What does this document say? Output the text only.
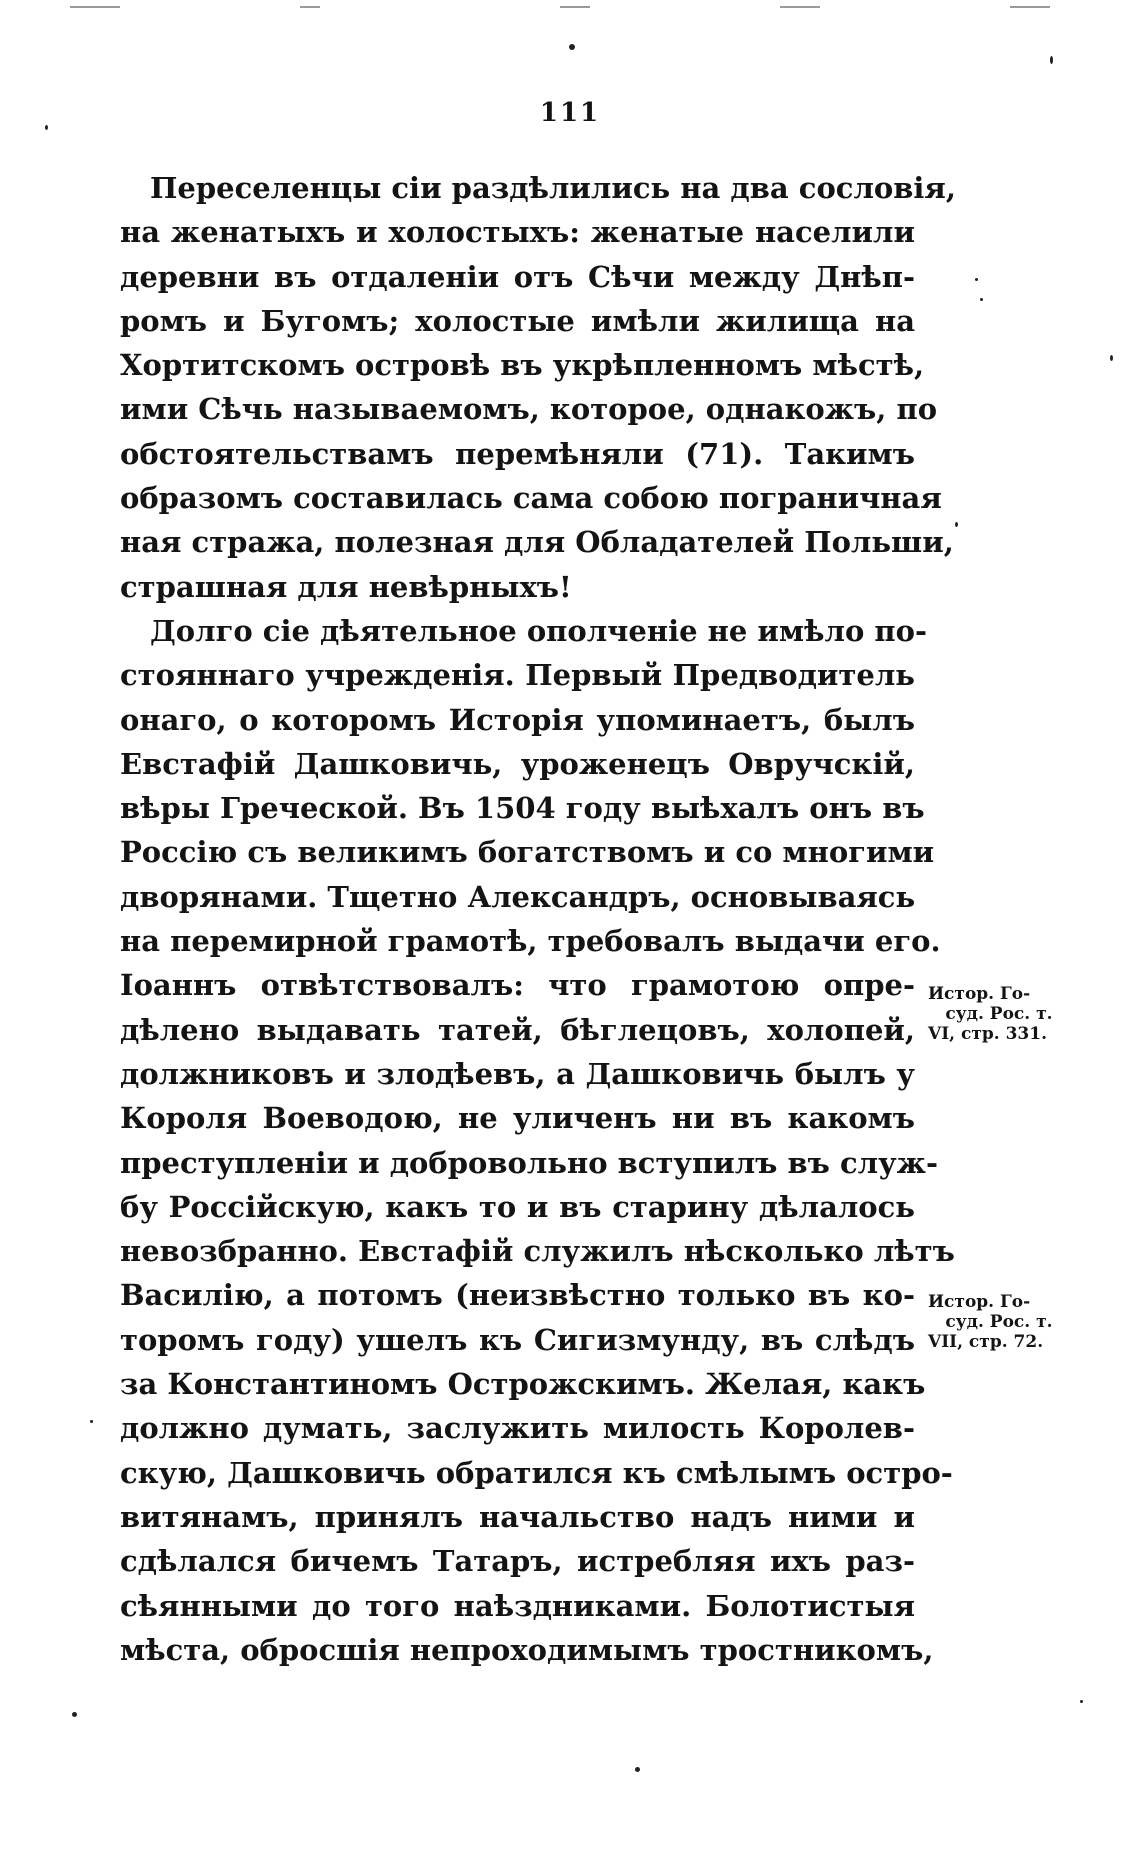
111
Переселенцы сіи раздѣлились на два сословія,
на женатыхъ и холостыхъ: женатые населили
деревни въ отдаленіи отъ Сѣчи между Днѣп-
ромъ и Бугомъ; холостые имѣли жилища на
Хортитскомъ островѣ въ укрѣпленномъ мѣстѣ,
ими Сѣчь называемомъ, которое, однакожъ, по
обстоятельствамъ перемѣняли (71). Такимъ
образомъ составилась сама собою пограничная
ная стража, полезная для Обладателей Польши,
страшная для невѣрныхъ!
Долго сіе дѣятельное ополченіе не имѣло по-
стояннаго учрежденія. Первый Предводитель
онаго, о которомъ Исторія упоминаетъ, былъ
Евстафій Дашковичь, уроженецъ Овручскій,
вѣры Греческой. Въ 1504 году выѣхалъ онъ въ
Россію съ великимъ богатствомъ и со многими
дворянами. Тщетно Александръ, основываясь
на перемирной грамотѣ, требовалъ выдачи его.
Іоаннъ отвѣтствовалъ: что грамотою опре-
дѣлено выдавать татей, бѣглецовъ, холопей,
должниковъ и злодѣевъ, а Дашковичь былъ у
Короля Воеводою, не уличенъ ни въ какомъ
преступленіи и добровольно вступилъ въ служ-
бу Россійскую, какъ то и въ старину дѣлалось
невозбранно. Евстафій служилъ нѣсколько лѣтъ
Василію, а потомъ (неизвѣстно только въ ко-
торомъ году) ушелъ къ Сигизмунду, въ слѣдъ
за Константиномъ Острожскимъ. Желая, какъ
должно думать, заслужить милость Королев-
скую, Дашковичь обратился къ смѣлымъ остро-
витянамъ, принялъ начальство надъ ними и
сдѣлался бичемъ Татаръ, истребляя ихъ раз-
сѣянными до того наѣздниками. Болотистыя
мѣста, обросшія непроходимымъ тростникомъ,
Истор. Го-
суд. Рос. т.
VI, стр. 331.
Истор. Го-
суд. Рос. т.
VII, стр. 72.
